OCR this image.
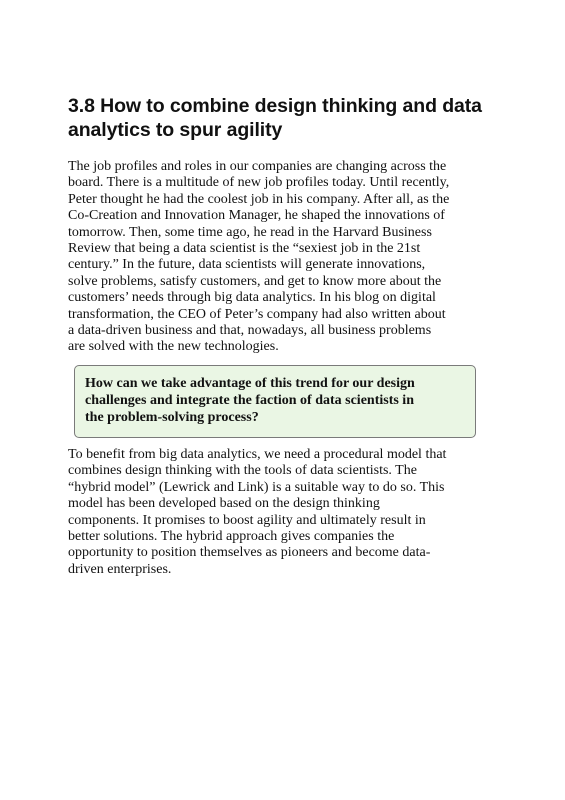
3.8 How to combine design thinking and data
analytics to spur agility

The job profiles and roles in our companies are changing across the
board. There is a multitude of new job profiles today. Until recently,
Peter thought he had the coolest job in his company. After all, as the
Co-Creation and Innovation Manager, he shaped the innovations of
tomorrow. Then, some time ago, he read in the Harvard Business
Review that being a data scientist is the “sexiest job in the 21st
century.” In the future, data scientists will generate innovations,
solve problems, satisfy customers, and get to know more about the
customers’ needs through big data analytics. In his blog on digital
transformation, the CEO of Peter’s company had also written about
a data-driven business and that, nowadays, all business problems
are solved with the new technologies.

How can we take advantage of this trend for our design
challenges and integrate the faction of data scientists in
the problem-solving process?

To benefit from big data analytics, we need a procedural model that
combines design thinking with the tools of data scientists. The
“hybrid model” (Lewrick and Link) is a suitable way to do so. This
model has been developed based on the design thinking
components. It promises to boost agility and ultimately result in
better solutions. The hybrid approach gives companies the
opportunity to position themselves as pioneers and become data-
driven enterprises.
